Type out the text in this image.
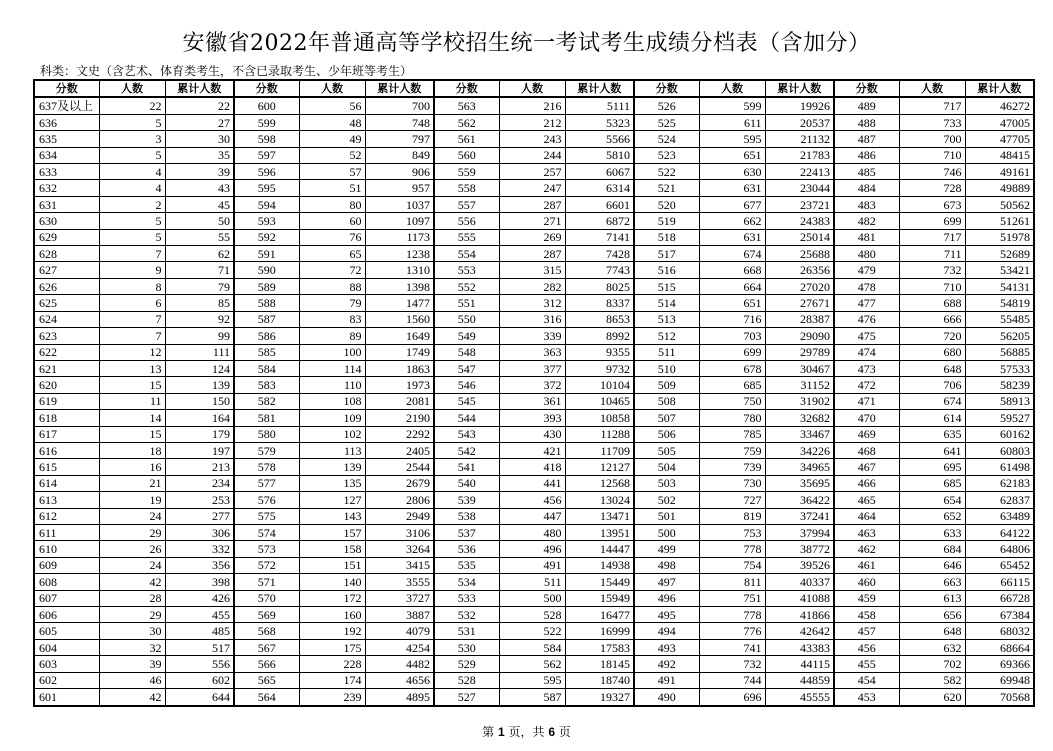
安徽省2022年普通高等学校招生统一考试考生成绩分档表（含加分）
科类：文史（含艺术、体育类考生，不含已录取考生、少年班等考生）
分数	人数	累计人数	分数	人数	累计人数	分数	人数	累计人数	分数	人数	累计人数	分数	人数	累计人数
637及以上	22	22	600	56	700	563	216	5111	526	599	19926	489	717	46272
636	5	27	599	48	748	562	212	5323	525	611	20537	488	733	47005
635	3	30	598	49	797	561	243	5566	524	595	21132	487	700	47705
634	5	35	597	52	849	560	244	5810	523	651	21783	486	710	48415
633	4	39	596	57	906	559	257	6067	522	630	22413	485	746	49161
632	4	43	595	51	957	558	247	6314	521	631	23044	484	728	49889
631	2	45	594	80	1037	557	287	6601	520	677	23721	483	673	50562
630	5	50	593	60	1097	556	271	6872	519	662	24383	482	699	51261
629	5	55	592	76	1173	555	269	7141	518	631	25014	481	717	51978
628	7	62	591	65	1238	554	287	7428	517	674	25688	480	711	52689
627	9	71	590	72	1310	553	315	7743	516	668	26356	479	732	53421
626	8	79	589	88	1398	552	282	8025	515	664	27020	478	710	54131
625	6	85	588	79	1477	551	312	8337	514	651	27671	477	688	54819
624	7	92	587	83	1560	550	316	8653	513	716	28387	476	666	55485
623	7	99	586	89	1649	549	339	8992	512	703	29090	475	720	56205
622	12	111	585	100	1749	548	363	9355	511	699	29789	474	680	56885
621	13	124	584	114	1863	547	377	9732	510	678	30467	473	648	57533
620	15	139	583	110	1973	546	372	10104	509	685	31152	472	706	58239
619	11	150	582	108	2081	545	361	10465	508	750	31902	471	674	58913
618	14	164	581	109	2190	544	393	10858	507	780	32682	470	614	59527
617	15	179	580	102	2292	543	430	11288	506	785	33467	469	635	60162
616	18	197	579	113	2405	542	421	11709	505	759	34226	468	641	60803
615	16	213	578	139	2544	541	418	12127	504	739	34965	467	695	61498
614	21	234	577	135	2679	540	441	12568	503	730	35695	466	685	62183
613	19	253	576	127	2806	539	456	13024	502	727	36422	465	654	62837
612	24	277	575	143	2949	538	447	13471	501	819	37241	464	652	63489
611	29	306	574	157	3106	537	480	13951	500	753	37994	463	633	64122
610	26	332	573	158	3264	536	496	14447	499	778	38772	462	684	64806
609	24	356	572	151	3415	535	491	14938	498	754	39526	461	646	65452
608	42	398	571	140	3555	534	511	15449	497	811	40337	460	663	66115
607	28	426	570	172	3727	533	500	15949	496	751	41088	459	613	66728
606	29	455	569	160	3887	532	528	16477	495	778	41866	458	656	67384
605	30	485	568	192	4079	531	522	16999	494	776	42642	457	648	68032
604	32	517	567	175	4254	530	584	17583	493	741	43383	456	632	68664
603	39	556	566	228	4482	529	562	18145	492	732	44115	455	702	69366
602	46	602	565	174	4656	528	595	18740	491	744	44859	454	582	69948
601	42	644	564	239	4895	527	587	19327	490	696	45555	453	620	70568
第 1 页，共 6 页
